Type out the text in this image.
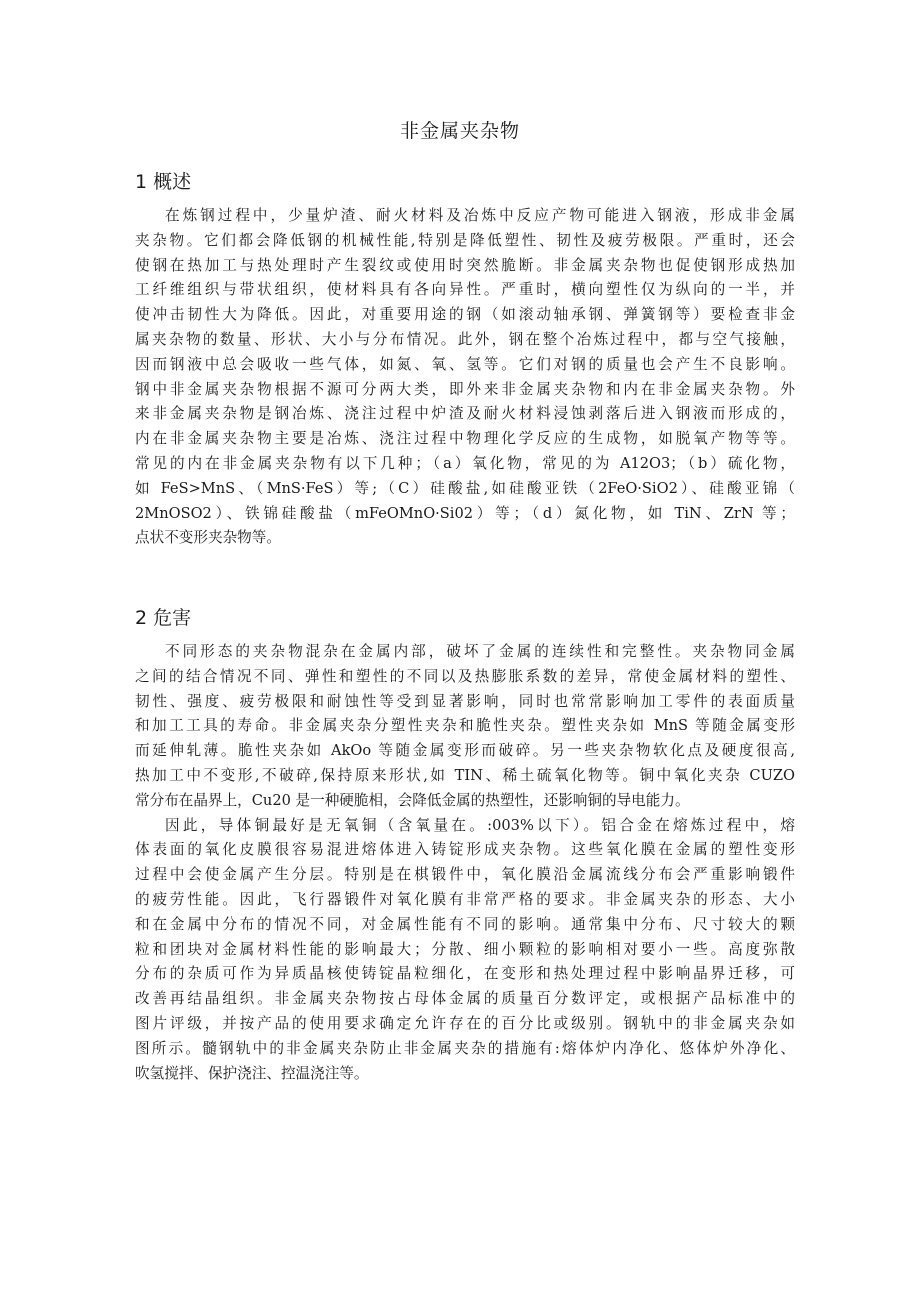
非金属夹杂物
1 概述
在炼钢过程中，少量炉渣、耐火材料及冶炼中反应产物可能进入钢液，形成非金属
夹杂物。它们都会降低钢的机械性能,特别是降低塑性、韧性及疲劳极限。严重时，还会
使钢在热加工与热处理时产生裂纹或使用时突然脆断。非金属夹杂物也促使钢形成热加
工纤维组织与带状组织，使材料具有各向异性。严重时，横向塑性仅为纵向的一半，并
使冲击韧性大为降低。因此，对重要用途的钢（如滚动轴承钢、弹簧钢等）要检查非金
属夹杂物的数量、形状、大小与分布情况。此外，钢在整个冶炼过程中，都与空气接触，
因而钢液中总会吸收一些气体，如氮、氧、氢等。它们对钢的质量也会产生不良影响。
钢中非金属夹杂物根据不源可分两大类，即外来非金属夹杂物和内在非金属夹杂物。外
来非金属夹杂物是钢冶炼、浇注过程中炉渣及耐火材料浸蚀剥落后进入钢液而形成的，
内在非金属夹杂物主要是冶炼、浇注过程中物理化学反应的生成物，如脱氧产物等等。
常见的内在非金属夹杂物有以下几种；（a）氧化物，常见的为 A12O3；（b）硫化物，
如 FeS>MnS、（MnS·FeS）等;（C）硅酸盐,如硅酸亚铁（2FeO·SiO2）、硅酸亚锦（
2MnOSO2）、铁锦硅酸盐（mFeOMnO·Si02）等；（d）氮化物，如 TiN、ZrN 等；
点状不变形夹杂物等。
2 危害
不同形态的夹杂物混杂在金属内部，破坏了金属的连续性和完整性。夹杂物同金属
之间的结合情况不同、弹性和塑性的不同以及热膨胀系数的差异，常使金属材料的塑性、
韧性、强度、疲劳极限和耐蚀性等受到显著影响，同时也常常影响加工零件的表面质量
和加工工具的寿命。非金属夹杂分塑性夹杂和脆性夹杂。塑性夹杂如 MnS 等随金属变形
而延伸轧薄。脆性夹杂如 AkOo 等随金属变形而破碎。另一些夹杂物软化点及硬度很高,
热加工中不变形,不破碎,保持原来形状,如 TIN、稀土硫氧化物等。铜中氧化夹杂 CUZO
常分布在晶界上，Cu20 是一种硬脆相，会降低金属的热塑性，还影响铜的导电能力。
因此，导体铜最好是无氧铜（含氧量在。:003%以下）。铝合金在熔炼过程中，熔
体表面的氧化皮膜很容易混进熔体进入铸锭形成夹杂物。这些氧化膜在金属的塑性变形
过程中会使金属产生分层。特别是在棋锻件中，氧化膜沿金属流线分布会严重影响锻件
的疲劳性能。因此，飞行器锻件对氧化膜有非常严格的要求。非金属夹杂的形态、大小
和在金属中分布的情况不同，对金属性能有不同的影响。通常集中分布、尺寸较大的颗
粒和团块对金属材料性能的影响最大；分散、细小颗粒的影响相对要小一些。高度弥散
分布的杂质可作为异质晶核使铸锭晶粒细化，在变形和热处理过程中影响晶界迁移，可
改善再结晶组织。非金属夹杂物按占母体金属的质量百分数评定，或根据产品标准中的
图片评级，并按产品的使用要求确定允许存在的百分比或级别。钢轨中的非金属夹杂如
图所示。髓钢轨中的非金属夹杂防止非金属夹杂的措施有:熔体炉内净化、悠体炉外净化、
吹氢搅拌、保护浇注、控温浇注等。
